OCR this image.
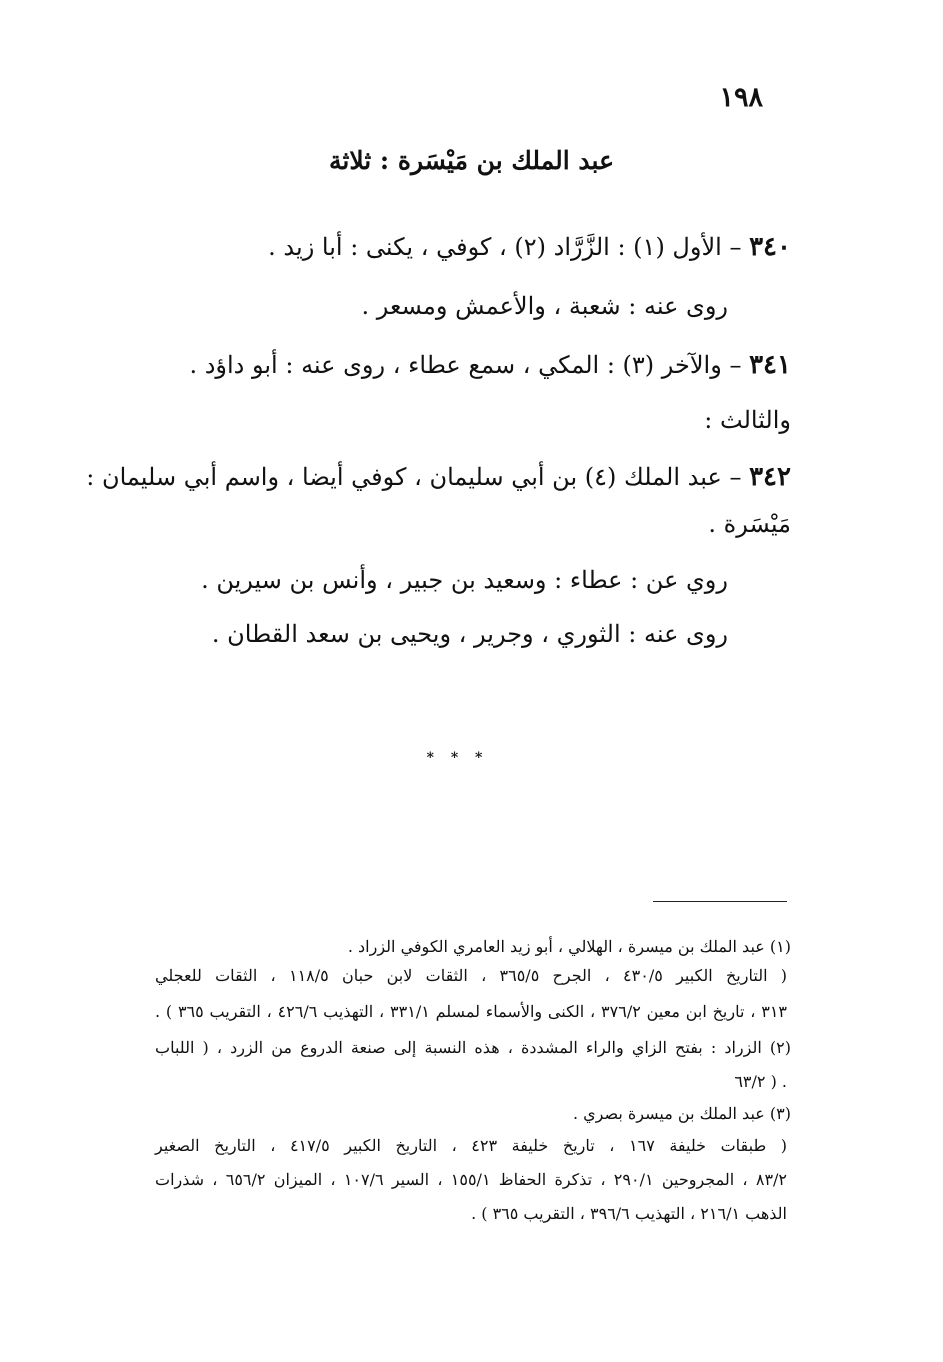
١٩٨
عبد الملك بن مَيْسَرة : ثلاثة
٣٤٠ – الأول (١) : الزَّرَّاد (٢) ، كوفي ، يكنى : أبا زيد .
روى عنه : شعبة ، والأعمش ومسعر .
٣٤١ – والآخر (٣) : المكي ، سمع عطاء ، روى عنه : أبو داؤد .
والثالث :
٣٤٢ – عبد الملك (٤) بن أبي سليمان ، كوفي أيضا ، واسم أبي سليمان :
مَيْسَرة .
روي عن : عطاء : وسعيد بن جبير ، وأنس بن سيرين .
روى عنه : الثوري ، وجرير ، ويحيى بن سعد القطان .
* * *
(١) عبد الملك بن ميسرة ، الهلالي ، أبو زيد العامري الكوفي الزراد .
( التاريخ الكبير ٤٣٠/٥ ، الجرح ٣٦٥/٥ ، الثقات لابن حبان ١١٨/٥ ، الثقات للعجلي
٣١٣ ، تاريخ ابن معين ٣٧٦/٢ ، الكنى والأسماء لمسلم ٣٣١/١ ، التهذيب ٤٢٦/٦ ، التقريب ٣٦٥ ) .
(٢) الزراد : بفتح الزاي والراء المشددة ، هذه النسبة إلى صنعة الدروع من الزرد ، ( اللباب
٦٣/٢ ) .
(٣) عبد الملك بن ميسرة بصري .
( طبقات خليفة ١٦٧ ، تاريخ خليفة ٤٢٣ ، التاريخ الكبير ٤١٧/٥ ، التاريخ الصغير
٨٣/٢ ، المجروحين ٢٩٠/١ ، تذكرة الحفاظ ١٥٥/١ ، السير ١٠٧/٦ ، الميزان ٦٥٦/٢ ، شذرات
الذهب ٢١٦/١ ، التهذيب ٣٩٦/٦ ، التقريب ٣٦٥ ) .
